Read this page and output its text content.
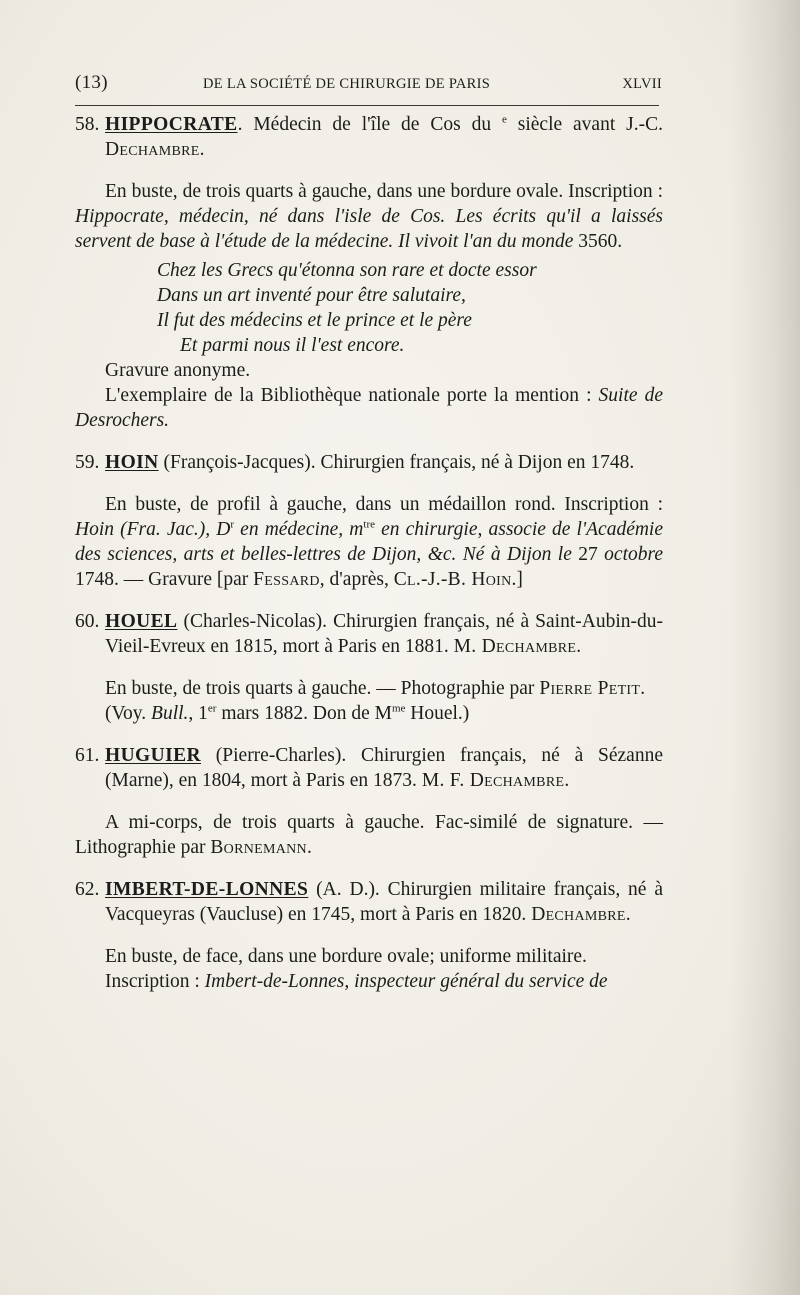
(13)	DE LA SOCIÉTÉ DE CHIRURGIE DE PARIS	XLVII

58. HIPPOCRATE. Médecin de l'île de Cos du $^e$ siècle avant J.-C. Dechambre.

En buste, de trois quarts à gauche, dans une bordure ovale. Inscription : Hippocrate, médecin, né dans l'isle de Cos. Les écrits qu'il a laissés servent de base à l'étude de la médecine. Il vivoit l'an du monde 3560.

Chez les Grecs qu'étonna son rare et docte essor

Dans un art inventé pour être salutaire,

Il fut des médecins et le prince et le père

Et parmi nous il l'est encore.

Gravure anonyme.

L'exemplaire de la Bibliothèque nationale porte la mention : Suite de Desrochers.

59. HOIN (François-Jacques). Chirurgien français, né à Dijon en 1748.

En buste, de profil à gauche, dans un médaillon rond. Inscription : Hoin (Fra. Jac.), $D^r$ en médecine, $m^{tre}$ en chirurgie, associe de l'Académie des sciences, arts et belles-lettres de Dijon, &c. Né à Dijon le 27 octobre 1748. — Gravure [par Fessard, d'après, Cl.-J.-B. Hoin.]

60. HOUEL (Charles-Nicolas). Chirurgien français, né à Saint-Aubin-du-Vieil-Evreux en 1815, mort à Paris en 1881. M. Dechambre.

En buste, de trois quarts à gauche. — Photographie par Pierre Petit.

(Voy. Bull., 1er mars 1882. Don de $M^{me}$ Houel.)

61. HUGUIER (Pierre-Charles). Chirurgien français, né à Sézanne (Marne), en 1804, mort à Paris en 1873. M. F. Dechambre.

A mi-corps, de trois quarts à gauche. Fac-similé de signature. — Lithographie par Bornemann.

62. IMBERT-DE-LONNES (A. D.). Chirurgien militaire français, né à Vacqueyras (Vaucluse) en 1745, mort à Paris en 1820. Dechambre.

En buste, de face, dans une bordure ovale; uniforme militaire.

Inscription : Imbert-de-Lonnes, inspecteur général du service de
